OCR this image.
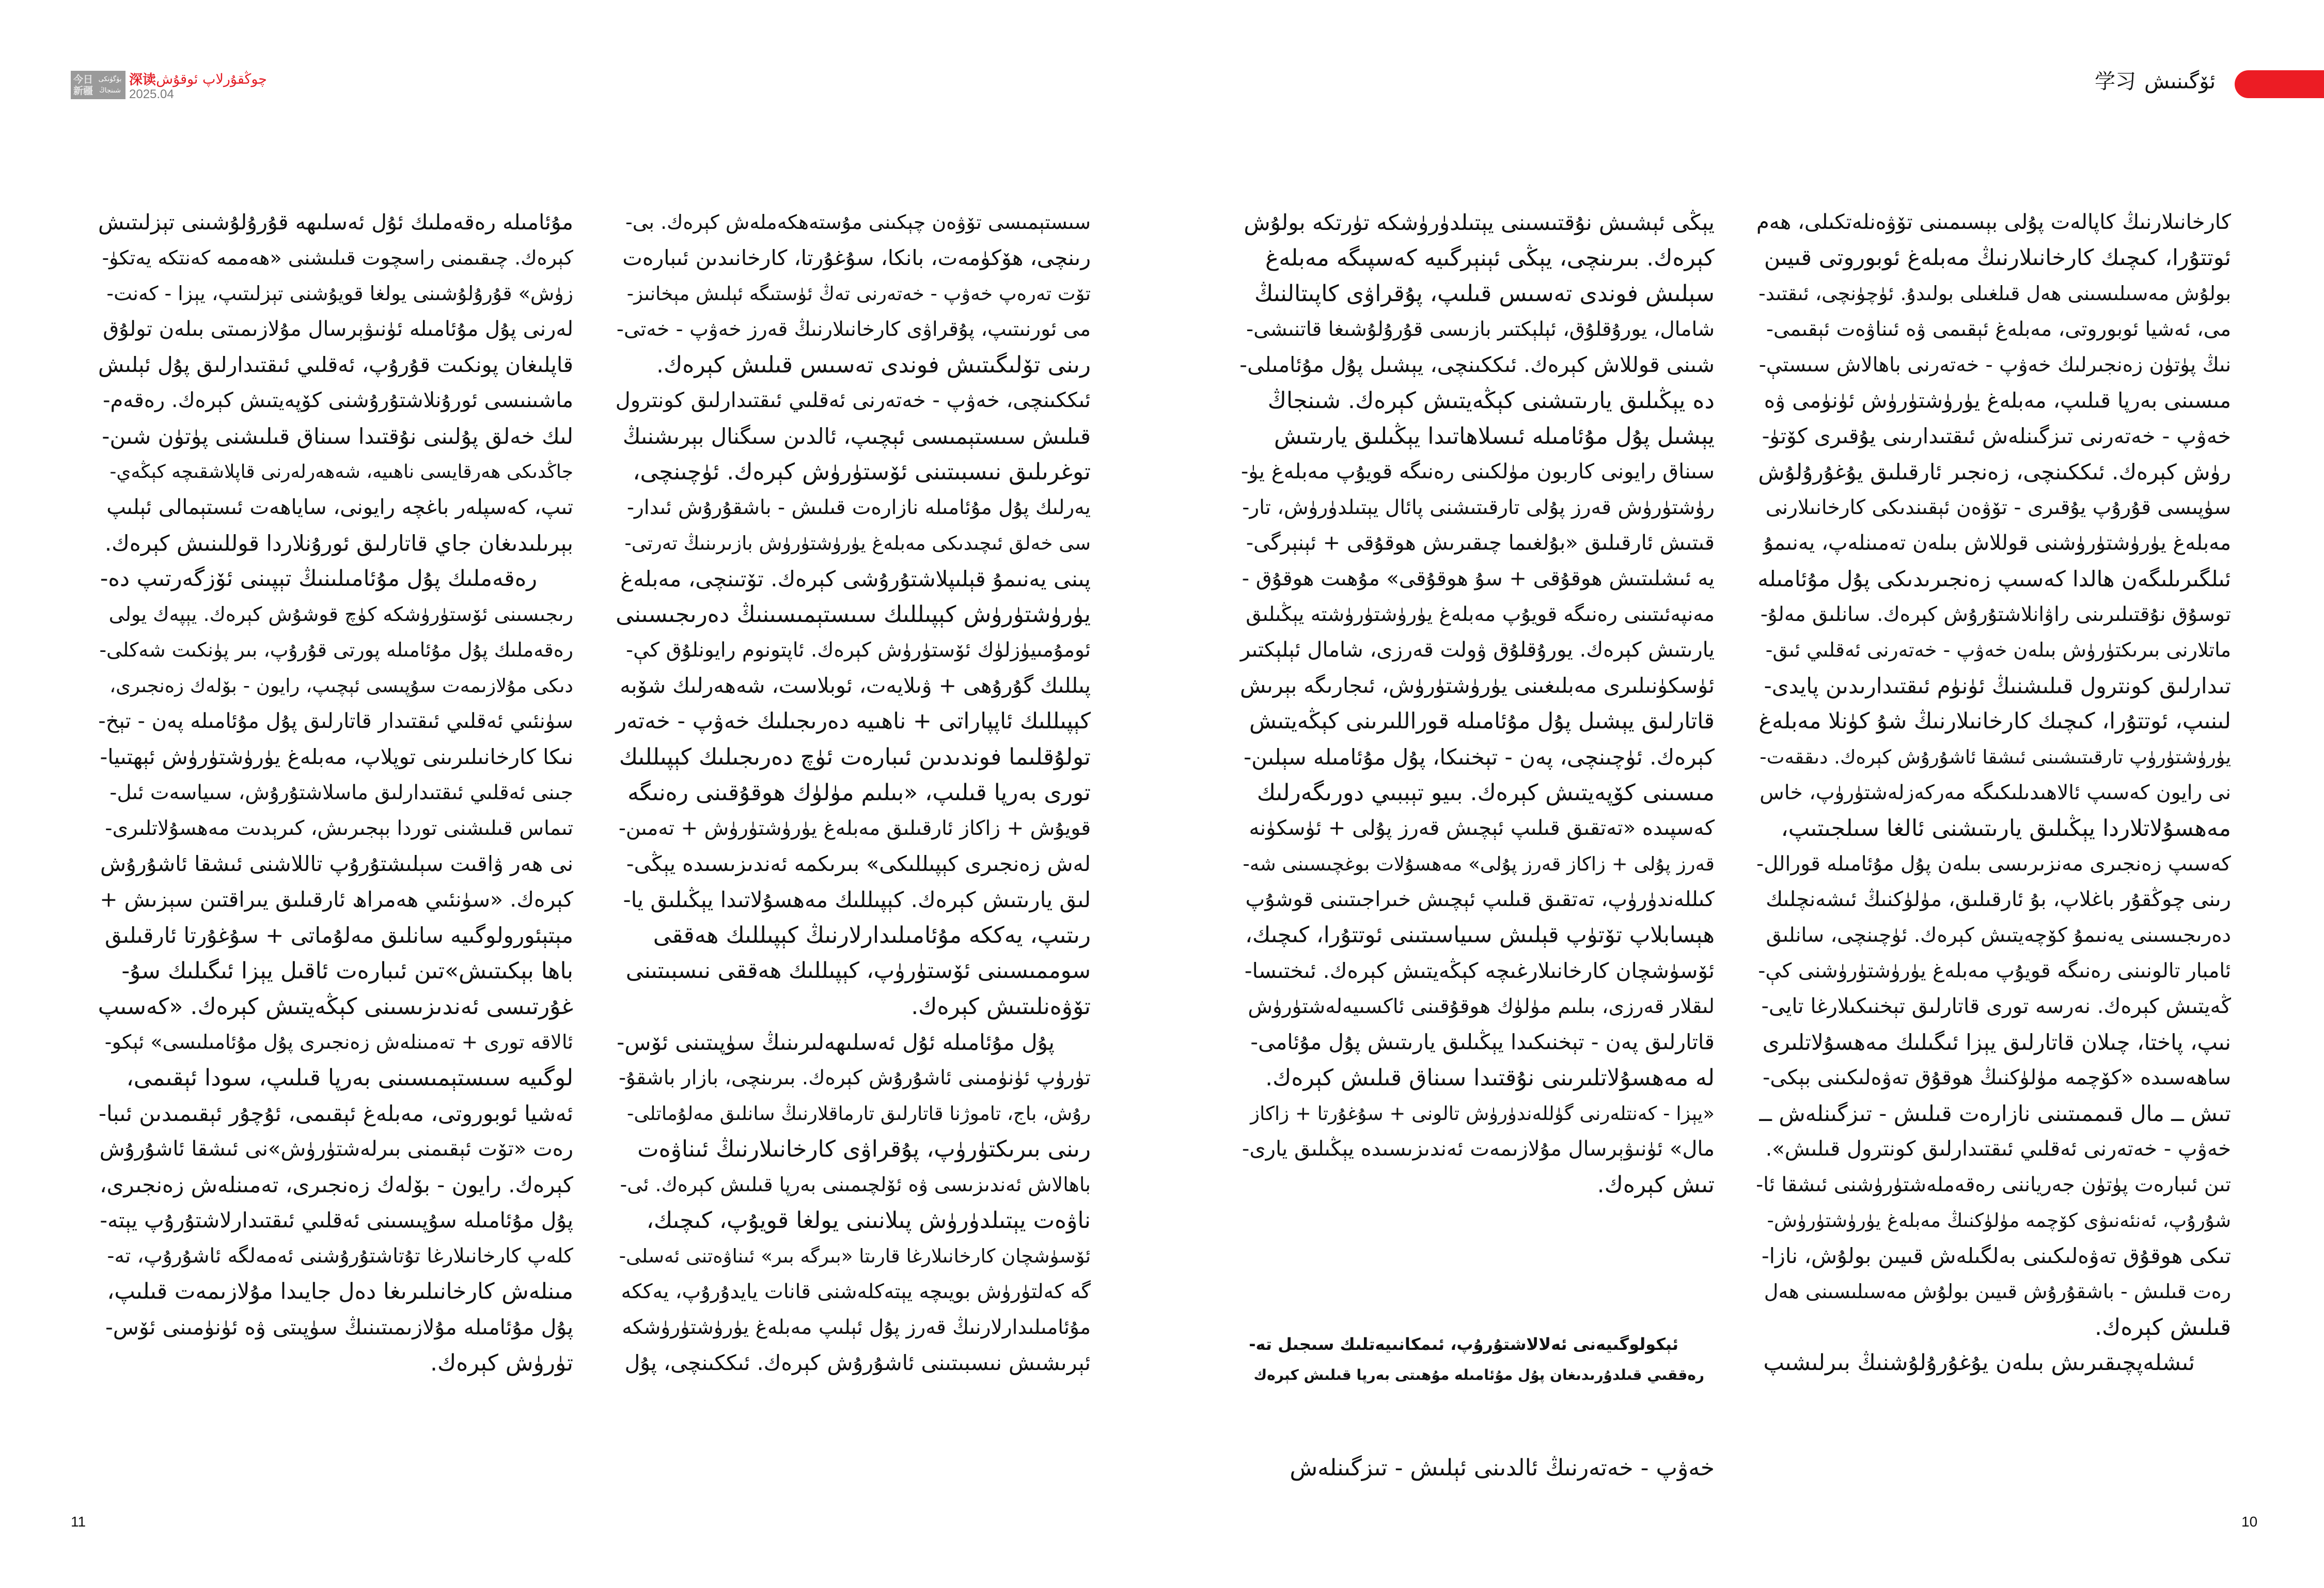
今日
新疆
بۈگۈنكى
شىنجاڭ
深读 چوڭقۇرلاپ ئوقۇش
2025.04
学习 ئۆگىنىش

كارخانىلارنىڭ كاپالەت پۇلى بېسىمىنى تۆۋەنلەتكىلى، ھەم

ئوتتۇرا، كىچىك كارخانىلارنىڭ مەبلەغ ئوبوروتى قىيىن

بولۇش مەسىلىسىنى ھەل قىلغىلى بولىدۇ. ئۈچۈنچى، ئىقتىد-

مى، ئەشيا ئوبوروتى، مەبلەغ ئېقىمى ۋە ئىناۋەت ئېقىمى-

نىڭ پۈتۈن زەنجىرلىك خەۋپ - خەتەرنى باھالاش سىستې-

مىسىنى بەرپا قىلىپ، مەبلەغ يۈرۈشتۈرۈش ئۈنۈمى ۋە

خەۋپ - خەتەرنى تىزگىنلەش ئىقتىدارىنى يۇقىرى كۆتۈ-

رۈش كېرەك. ئىككىنچى، زەنجىر ئارقىلىق يۇغۇرۇلۇش

سۈپىسى قۇرۇپ يۇقىرى - تۆۋەن ئېقىندىكى كارخانىلارنى

مەبلەغ يۈرۈشتۈرۈشنى قوللاش بىلەن تەمىنلەپ، يەنىمۇ

ئىلگىرىلىگەن ھالدا كەسىپ زەنجىرىدىكى پۇل مۇئامىلە

توسۇق نۇقتىلىرىنى راۋانلاشتۇرۇش كېرەك. سانلىق مەلۇ-

ماتلارنى بىرىكتۈرۈش بىلەن خەۋپ - خەتەرنى ئەقلىي ئىق-

تىدارلىق كونترول قىلىشنىڭ ئۈنۈم ئىقتىدارىدىن پايدى-

لىنىپ، ئوتتۇرا، كىچىك كارخانىلارنىڭ شۇ كۈنلا مەبلەغ

يۈرۈشتۈرۈپ تارقىتىشىنى ئىشقا ئاشۇرۇش كېرەك. دىققەت-

نى رايون كەسىپ ئالاھىدىلىكىگە مەركەزلەشتۈرۈپ، خاس

مەھسۇلاتلاردا يېڭىلىق يارىتىشنى ئالغا سىلجىتىپ،

كەسىپ زەنجىرى مەنزىرىسى بىلەن پۇل مۇئامىلە قورالل-

رىنى چوڭقۇر باغلاپ، بۇ ئارقىلىق، مۈلۈكنىڭ ئىشەنچلىك

دەرىجىسىنى يەنىمۇ كۆچەيتىش كېرەك. ئۈچىنچى، سانلىق

ئامبار تالونىنى رەنىگە قويۇپ مەبلەغ يۈرۈشتۈرۈشنى كې-

ڭەيتىش كېرەك. نەرسە تورى قاتارلىق تېخنىكىلارغا تايى-

نىپ، پاختا، چىلان قاتارلىق يېزا ئىگىلىك مەھسۇلاتلىرى

ساھەسىدە «كۆچمە مۈلۈكنىڭ ھوقۇق تەۋەلىكىنى بېكى-

تىش ــ مال قىممىتىنى نازارەت قىلىش - تىزگىنلەش ــ

خەۋپ - خەتەرنى ئەقلىي ئىقتىدارلىق كونترول قىلىش».

تىن ئىبارەت پۈتۈن جەرياننى رەقەملەشتۈرۈشنى ئىشقا ئا-

شۇرۇپ، ئەنئەنىۋى كۆچمە مۈلۈكنىڭ مەبلەغ يۈرۈشتۈرۈش-

تىكى ھوقۇق تەۋەلىكىنى بەلگىلەش قىيىن بولۇش، نازا-

رەت قىلىش - باشقۇرۇش قىيىن بولۇش مەسىلىسىنى ھەل

قىلىش كېرەك.

ئىشلەپچىقىرىش بىلەن يۇغۇرۇلۇشنىڭ بىرلىشىپ

يېڭى ئېشىش نۇقتىسىنى يېتىلدۈرۈشكە تۈرتكە بولۇش

كېرەك. بىرىنچى، يېڭى ئېنېرگىيە كەسپىگە مەبلەغ

سېلىش فوندى تەسىس قىلىپ، پۇقراۋى كاپىتالنىڭ

شامال، يورۇقلۇق، ئېلېكتىر بازىسى قۇرۇلۇشىغا قاتنىشى-

شىنى قوللاش كېرەك. ئىككىنچى، يېشىل پۇل مۇئامىلى-

دە يېڭىلىق يارىتىشنى كېڭەيتىش كېرەك. شىنجاڭ

يېشىل پۇل مۇئامىلە ئىسلاھاتىدا يېڭىلىق يارىتىش

سىناق رايونى كاربون مۈلكىنى رەنىگە قويۇپ مەبلەغ يۈ-

رۈشتۈرۈش قەرز پۇلى تارقىتىشنى پائال يېتىلدۈرۈش، تار-

قىتىش ئارقىلىق «بۇلغىما چىقىرىش ھوقۇقى + ئېنېرگى-

يە ئىشلىتىش ھوقۇقى + سۇ ھوقۇقى» مۇھىت ھوقۇق -

مەنپەئىتىنى رەنىگە قويۇپ مەبلەغ يۈرۈشتۈرۈشتە يېڭىلىق

يارىتىش كېرەك. يورۇقلۇق ۋولت قەرزى، شامال ئېلېكتىر

ئۈسكۈنىلىرى مەبلىغىنى يۈرۈشتۈرۈش، ئىجارىگە بېرىش

قاتارلىق يېشىل پۇل مۇئامىلە قوراللىرىنى كېڭەيتىش

كېرەك. ئۈچىنچى، پەن - تېخنىكا، پۇل مۇئامىلە سېلىن-

مىسىنى كۆپەيتىش كېرەك. بىيو تېببىي دورىگەرلىك

كەسپىدە «تەتقىق قىلىپ ئېچىش قەرز پۇلى + ئۈسكۈنە

قەرز پۇلى + زاكاز قەرز پۇلى» مەھسۇلات بوغچىسىنى شە-

كىللەندۈرۈپ، تەتقىق قىلىپ ئېچىش خىراجىتىنى قوشۇپ

ھېسابلاپ تۆتۈپ قېلىش سىياسىتىنى ئوتتۇرا، كىچىك،

ئۆسۈشچان كارخانىلارغىچە كېڭەيتىش كېرەك. ئىختىسا-

لىقلار قەرزى، بىلىم مۈلۈك ھوقۇقىنى ئاكسىيەلەشتۈرۈش

قاتارلىق پەن - تېخنىكىدا يېڭىلىق يارىتىش پۇل مۇئامى-

لە مەھسۇلاتلىرىنى نۇقتىدا سىناق قىلىش كېرەك.

«يېزا - كەنتلەرنى گۈللەندۈرۈش تالونى + سۇغۇرتا + زاكاز

مال» ئۈنىۋېرسال مۇلازىمەت ئەندىزىسىدە يېڭىلىق يارى-

تىش كېرەك.

سىستېمىسى تۆۋەن چېكىنى مۇستەھكەملەش كېرەك. بى-

رىنچى، ھۆكۈمەت، بانكا، سۇغۇرتا، كارخانىدىن ئىبارەت

تۆت تەرەپ خەۋپ - خەتەرنى تەڭ ئۈستىگە ئېلىش مېخانىز-

مى ئورنىتىپ، پۇقراۋى كارخانىلارنىڭ قەرز خەۋپ - خەتى-

رىنى تۆلىگىتىش فوندى تەسىس قىلىش كېرەك.

ئىككىنچى، خەۋپ - خەتەرنى ئەقلىي ئىقتىدارلىق كونترول

قىلىش سىستېمىسى ئېچىپ، ئالدىن سىگنال بېرىشنىڭ

توغرىلىق نىسبىتىنى ئۆستۈرۈش كېرەك. ئۈچىنچى،

يەرلىك پۇل مۇئامىلە نازارەت قىلىش - باشقۇرۇش ئىدار-

سى خەلق ئىچىدىكى مەبلەغ يۈرۈشتۈرۈش بازىرىنىڭ تەرتى-

پىنى يەنىمۇ قېلىپلاشتۇرۇشى كېرەك. تۆتىنچى، مەبلەغ

يۈرۈشتۈرۈش كېپىللىك سىستېمىسىنىڭ دەرىجىسىنى

ئومۇمىيۈزلۈك ئۆستۈرۈش كېرەك. ئاپتونوم رايونلۇق كې-

پىللىك گۇرۇھى + ۋىلايەت، ئوبلاست، شەھەرلىك شۆبە

كېپىللىك ئاپپاراتى + ناھىيە دەرىجىلىك خەۋپ - خەتەر

تولۇقلىما فوندىدىن ئىبارەت ئۈچ دەرىجىلىك كېپىللىك

تورى بەرپا قىلىپ، «بىلىم مۈلۈك ھوقۇقىنى رەنىگە

قويۇش + زاكاز ئارقىلىق مەبلەغ يۈرۈشتۈرۈش + تەمىن-

لەش زەنجىرى كېپىللىكى» بىرىكمە ئەندىزىسىدە يېڭى-

لىق يارىتىش كېرەك. كېپىللىك مەھسۇلاتىدا يېڭىلىق يا-

رىتىپ، يەككە مۇئامىلىدارلارنىڭ كېپىللىك ھەققى

سوممىسىنى ئۆستۈرۈپ، كېپىللىك ھەققى نىسبىتىنى

تۆۋەنلىتىش كېرەك.

پۇل مۇئامىلە ئۇل ئەسلىھەلىرىنىڭ سۈپىتىنى ئۆس-

تۈرۈپ ئۈنۈمىنى ئاشۇرۇش كېرەك. بىرىنچى، بازار باشقۇ-

رۇش، باج، تاموژنا قاتارلىق تارماقلارنىڭ سانلىق مەلۇماتلى-

رىنى بىرىكتۈرۈپ، پۇقراۋى كارخانىلارنىڭ ئىناۋەت

باھالاش ئەندىزىسى ۋە ئۆلچىمىنى بەرپا قىلىش كېرەك. ئى-

ناۋەت يېتىلدۈرۈش پىلانىنى يولغا قويۇپ، كىچىك،

ئۆسۈشچان كارخانىلارغا قارىتا «بىرگە بىر» ئىناۋەتنى ئەسلى-

گە كەلتۈرۈش بويىچە يېتەكلەشنى قانات يايدۇرۇپ، يەككە

مۇئامىلىدارلارنىڭ قەرز پۇل ئېلىپ مەبلەغ يۈرۈشتۈرۈشكە

ئېرىشىش نىسبىتىنى ئاشۇرۇش كېرەك. ئىككىنچى، پۇل

مۇئامىلە رەقەملىك ئۇل ئەسلىھە قۇرۇلۇشىنى تېزلىتىش

كېرەك. چىقىمنى راسچوت قىلىشنى «ھەممە كەنتكە يەتكۈ-

زۈش» قۇرۇلۇشىنى يولغا قويۇشنى تېزلىتىپ، يېزا - كەنت-

لەرنى پۇل مۇئامىلە ئۈنىۋېرسال مۇلازىمىتى بىلەن تولۇق

قاپلىغان پونكىت قۇرۇپ، ئەقلىي ئىقتىدارلىق پۇل ئېلىش

ماشىنىسى ئورۇنلاشتۇرۇشنى كۆپەيتىش كېرەك. رەقەم-

لىك خەلق پۇلىنى نۇقتىدا سىناق قىلىشنى پۈتۈن شىن-

جاڭدىكى ھەرقايسى ناھىيە، شەھەرلەرنى قاپلاشقىچە كېڭەي-

تىپ، كەسپلەر باغچە رايونى، ساياھەت ئىستېمالى ئېلىپ

بېرىلىدىغان جاي قاتارلىق ئورۇنلاردا قوللىنىش كېرەك.

رەقەملىك پۇل مۇئامىلىنىڭ تېپىنى ئۆزگەرتىپ دە-

رىجىسىنى ئۆستۈرۈشكە كۈچ قوشۇش كېرەك. يېپەك يولى

رەقەملىك پۇل مۇئامىلە پورتى قۇرۇپ، بىر پۈنكىت شەكلى-

دىكى مۇلازىمەت سۇپىسى ئېچىپ، رايون - بۆلەك زەنجىرى،

سۈنئىي ئەقلىي ئىقتىدار قاتارلىق پۇل مۇئامىلە پەن - تېخ-

نىكا كارخانىلىرىنى توپلاپ، مەبلەغ يۈرۈشتۈرۈش ئېھتىيا-

جىنى ئەقلىي ئىقتىدارلىق ماسلاشتۇرۇش، سىياسەت ئىل-

تىماس قىلىشنى توردا بېجىرىش، كىرېدىت مەھسۇلاتلىرى-

نى ھەر ۋاقىت سېلىشتۇرۇپ تاللاشنى ئىشقا ئاشۇرۇش

كېرەك. «سۈنئىي ھەمراھ ئارقىلىق يىراقتىن سېزىش +

مېتېئورولوگىيە سانلىق مەلۇماتى + سۇغۇرتا ئارقىلىق

باھا بېكىتىش»تىن ئىبارەت ئاقىل يېزا ئىگىلىك سۇ-

غۇرتىسى ئەندىزىسىنى كېڭەيتىش كېرەك. «كەسىپ

ئالاقە تورى + تەمىنلەش زەنجىرى پۇل مۇئامىلىسى» ئېكو-

لوگىيە سىستېمىسىنى بەرپا قىلىپ، سودا ئېقىمى،

ئەشيا ئوبوروتى، مەبلەغ ئېقىمى، ئۇچۇر ئېقىمىدىن ئىبا-

رەت «تۆت ئېقىمنى بىرلەشتۈرۈش»نى ئىشقا ئاشۇرۇش

كېرەك. رايون - بۆلەك زەنجىرى، تەمىنلەش زەنجىرى،

پۇل مۇئامىلە سۇپىسىنى ئەقلىي ئىقتىدارلاشتۇرۇپ يېتە-

كلەپ كارخانىلارغا تۇتاشتۇرۇشنى ئەمەلگە ئاشۇرۇپ، تە-

مىنلەش كارخانىلىرىغا دەل جايىدا مۇلازىمەت قىلىپ،

پۇل مۇئامىلە مۇلازىمىتىنىڭ سۈپىتى ۋە ئۈنۈمىنى ئۆس-

تۈرۈش كېرەك.

ئېكولوگىيەنى ئەلالاشتۇرۇپ، ئىمكانىيەتلىك سىجىل تە-

رەققىي قىلدۇرىدىغان پۇل مۇئامىلە مۇھىتى بەرپا قىلىش كېرەك

خەۋپ - خەتەرنىڭ ئالدىنى ئېلىش - تىزگىنلەش

11	10
